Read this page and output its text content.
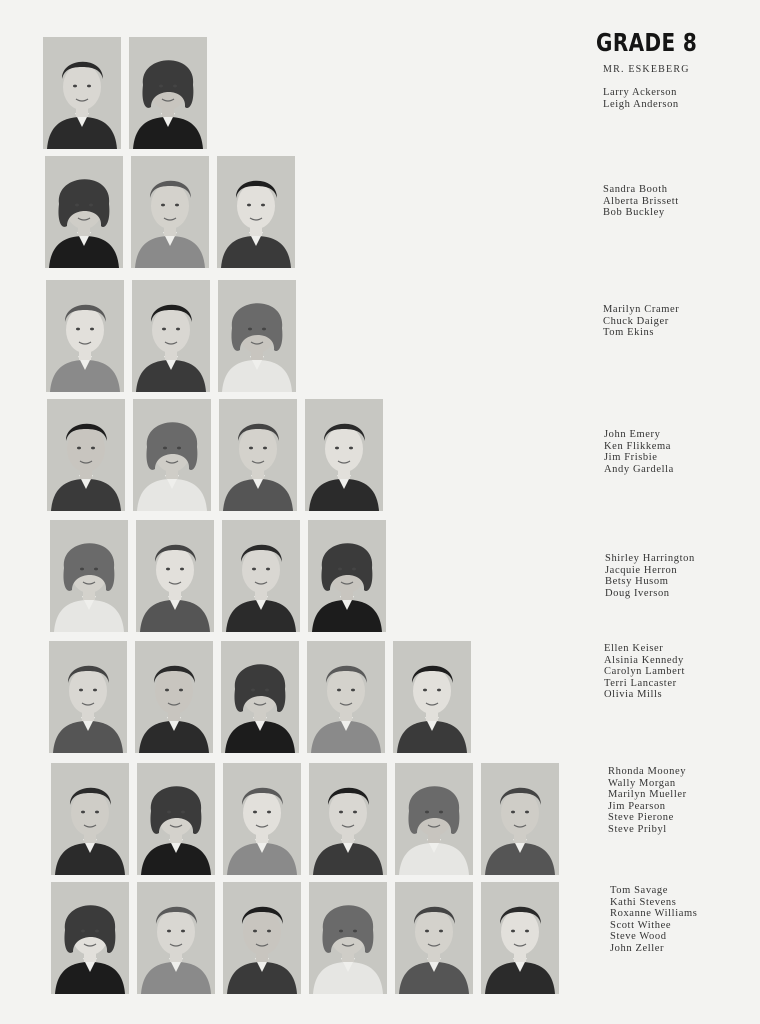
GRADE 8
MR. ESKEBERG
Larry Ackerson
Leigh Anderson
Sandra Booth
Alberta Brissett
Bob Buckley
Marilyn Cramer
Chuck Daiger
Tom Ekins
John Emery
Ken Flikkema
Jim Frisbie
Andy Gardella
Shirley Harrington
Jacquie Herron
Betsy Husom
Doug Iverson
Ellen Keiser
Alsinia Kennedy
Carolyn Lambert
Terri Lancaster
Olivia Mills
Rhonda Mooney
Wally Morgan
Marilyn Mueller
Jim Pearson
Steve Pierone
Steve Pribyl
Tom Savage
Kathi Stevens
Roxanne Williams
Scott Withee
Steve Wood
John Zeller
